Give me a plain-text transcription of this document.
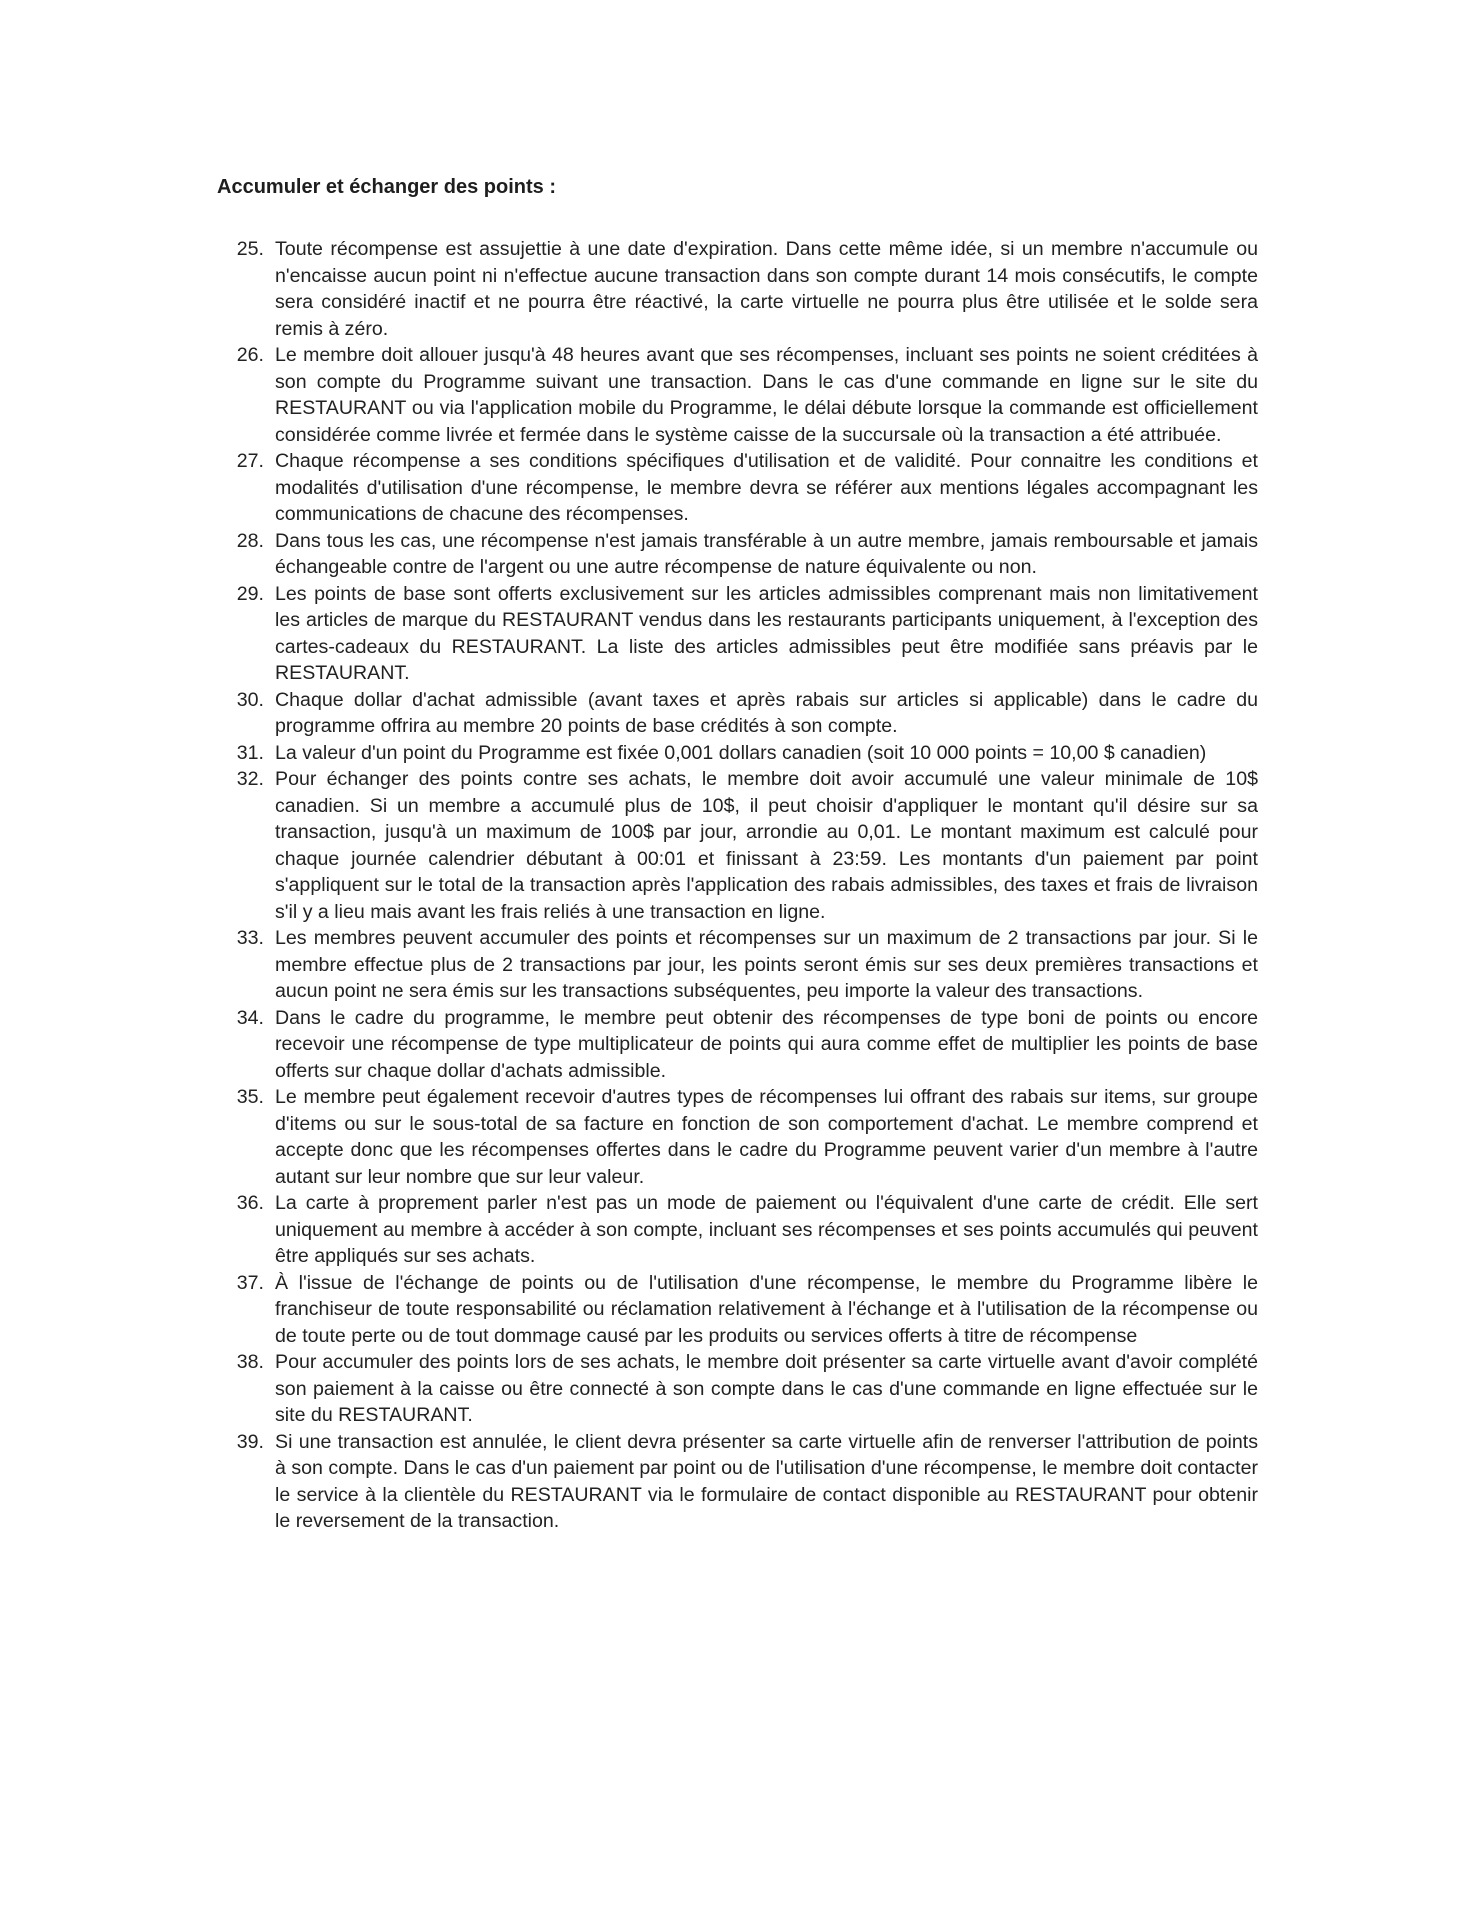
Accumuler et échanger des points :
25. Toute récompense est assujettie à une date d'expiration. Dans cette même idée, si un membre n'accumule ou n'encaisse aucun point ni n'effectue aucune transaction dans son compte durant 14 mois consécutifs, le compte sera considéré inactif et ne pourra être réactivé, la carte virtuelle ne pourra plus être utilisée et le solde sera remis à zéro.
26. Le membre doit allouer jusqu'à 48 heures avant que ses récompenses, incluant ses points ne soient créditées à son compte du Programme suivant une transaction. Dans le cas d'une commande en ligne sur le site du RESTAURANT ou via l'application mobile du Programme, le délai débute lorsque la commande est officiellement considérée comme livrée et fermée dans le système caisse de la succursale où la transaction a été attribuée.
27. Chaque récompense a ses conditions spécifiques d'utilisation et de validité. Pour connaitre les conditions et modalités d'utilisation d'une récompense, le membre devra se référer aux mentions légales accompagnant les communications de chacune des récompenses.
28. Dans tous les cas, une récompense n'est jamais transférable à un autre membre, jamais remboursable et jamais échangeable contre de l'argent ou une autre récompense de nature équivalente ou non.
29. Les points de base sont offerts exclusivement sur les articles admissibles comprenant mais non limitativement les articles de marque du RESTAURANT vendus dans les restaurants participants uniquement, à l'exception des cartes-cadeaux du RESTAURANT. La liste des articles admissibles peut être modifiée sans préavis par le RESTAURANT.
30. Chaque dollar d'achat admissible (avant taxes et après rabais sur articles si applicable) dans le cadre du programme offrira au membre 20 points de base crédités à son compte.
31. La valeur d'un point du Programme est fixée 0,001 dollars canadien (soit 10 000 points = 10,00 $ canadien)
32. Pour échanger des points contre ses achats, le membre doit avoir accumulé une valeur minimale de 10$ canadien. Si un membre a accumulé plus de 10$, il peut choisir d'appliquer le montant qu'il désire sur sa transaction, jusqu'à un maximum de 100$ par jour, arrondie au 0,01. Le montant maximum est calculé pour chaque journée calendrier débutant à 00:01 et finissant à 23:59. Les montants d'un paiement par point s'appliquent sur le total de la transaction après l'application des rabais admissibles, des taxes et frais de livraison s'il y a lieu mais avant les frais reliés à une transaction en ligne.
33. Les membres peuvent accumuler des points et récompenses sur un maximum de 2 transactions par jour. Si le membre effectue plus de 2 transactions par jour, les points seront émis sur ses deux premières transactions et aucun point ne sera émis sur les transactions subséquentes, peu importe la valeur des transactions.
34. Dans le cadre du programme, le membre peut obtenir des récompenses de type boni de points ou encore recevoir une récompense de type multiplicateur de points qui aura comme effet de multiplier les points de base offerts sur chaque dollar d'achats admissible.
35. Le membre peut également recevoir d'autres types de récompenses lui offrant des rabais sur items, sur groupe d'items ou sur le sous-total de sa facture en fonction de son comportement d'achat. Le membre comprend et accepte donc que les récompenses offertes dans le cadre du Programme peuvent varier d'un membre à l'autre autant sur leur nombre que sur leur valeur.
36. La carte à proprement parler n'est pas un mode de paiement ou l'équivalent d'une carte de crédit. Elle sert uniquement au membre à accéder à son compte, incluant ses récompenses et ses points accumulés qui peuvent être appliqués sur ses achats.
37. À l'issue de l'échange de points ou de l'utilisation d'une récompense, le membre du Programme libère le franchiseur de toute responsabilité ou réclamation relativement à l'échange et à l'utilisation de la récompense ou de toute perte ou de tout dommage causé par les produits ou services offerts à titre de récompense
38. Pour accumuler des points lors de ses achats, le membre doit présenter sa carte virtuelle avant d'avoir complété son paiement à la caisse ou être connecté à son compte dans le cas d'une commande en ligne effectuée sur le site du RESTAURANT.
39. Si une transaction est annulée, le client devra présenter sa carte virtuelle afin de renverser l'attribution de points à son compte. Dans le cas d'un paiement par point ou de l'utilisation d'une récompense, le membre doit contacter le service à la clientèle du RESTAURANT via le formulaire de contact disponible au RESTAURANT pour obtenir le reversement de la transaction.
